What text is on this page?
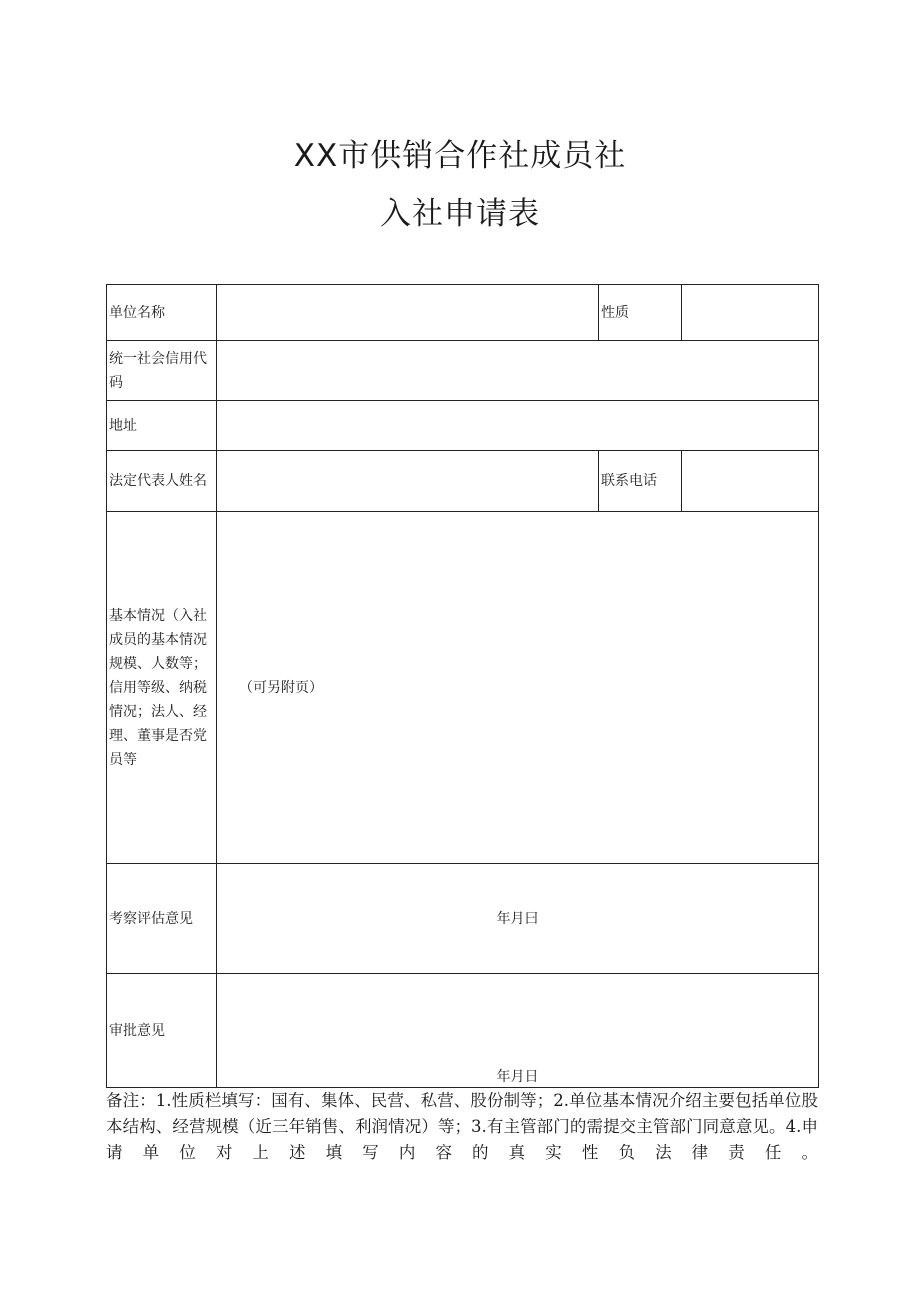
XX市供销合作社成员社
入社申请表
单位名称		性质	
统一社会信用代码			
地址			
法定代表人姓名		联系电话	
基本情况（入社成员的基本情况规模、人数等；信用等级、纳税情况；法人、经理、董事是否党员等	（可另附页）		
考察评估意见	年月曰		
审批意见	年月日		

备注：1.性质栏填写：国有、集体、民营、私营、股份制等；2.单位基本情况介绍主要包括单位股本结构、经营规模（近三年销售、利润情况）等；3.有主管部门的需提交主管部门同意意见。4.申请单位对上述填写内容的真实性负法律责任。
